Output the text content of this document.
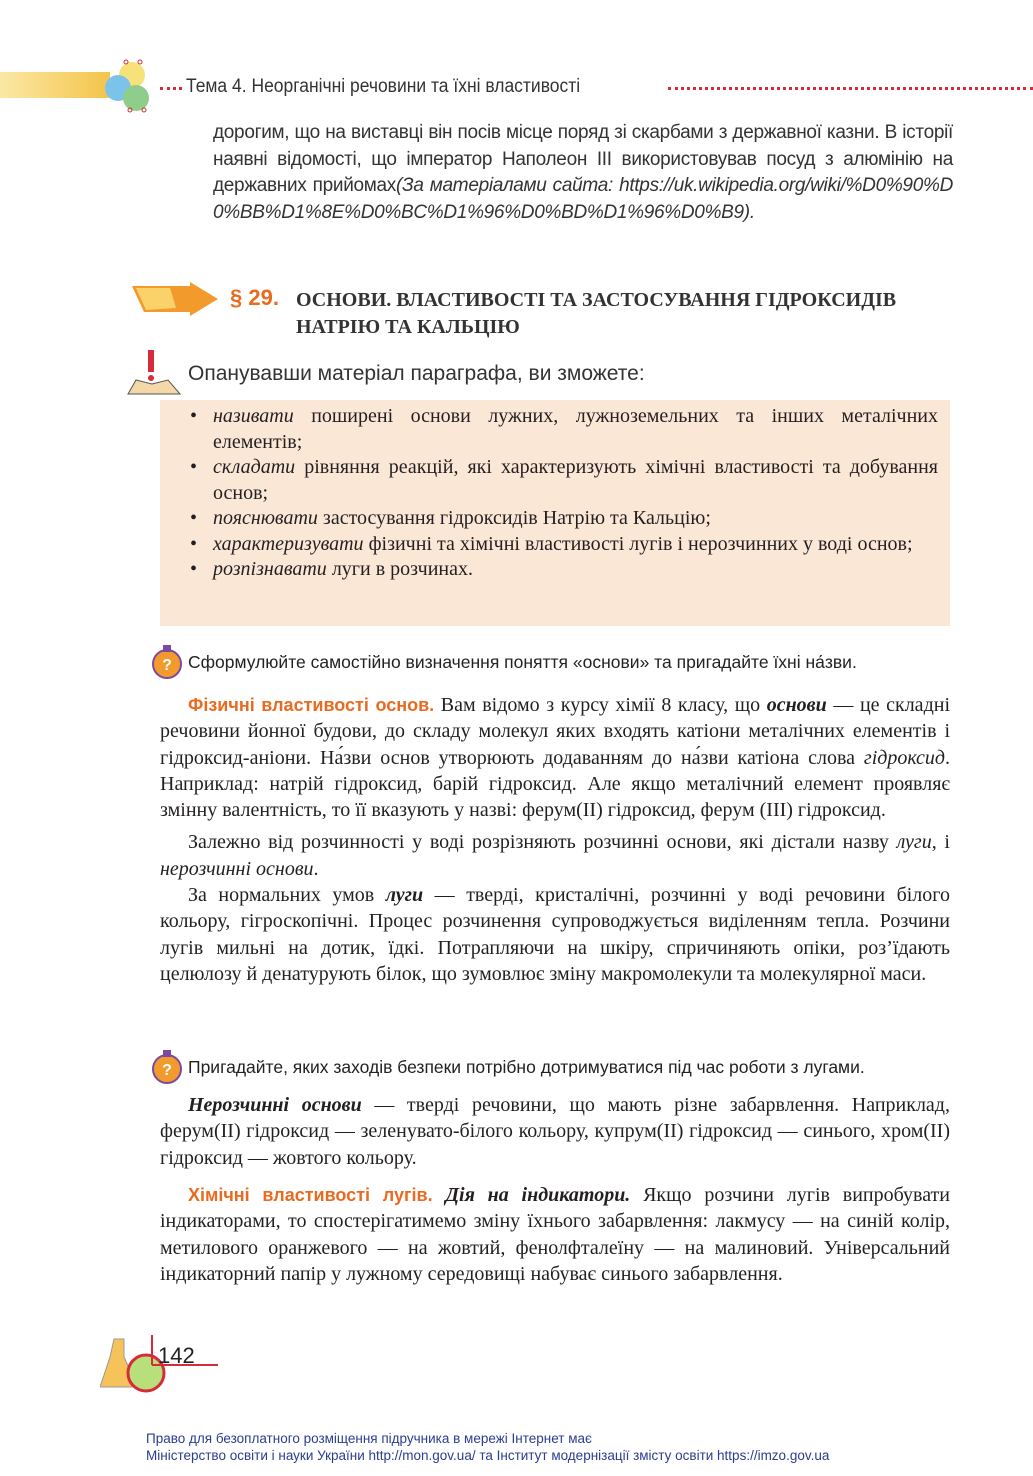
Тема 4. Неорганічні речовини та їхні властивості
дорогим, що на виставці він посів місце поряд зі скарбами з державної казни. В історії наявні відомості, що імператор Наполеон III використовував посуд з алюмінію на державних прийомах(За матеріалами сайта: https://uk.wikipedia.org/wiki/%D0%90%D0%BB%D1%8E%D0%BC%D1%96%D0%BD%D1%96%D0%B9).
§ 29. ОСНОВИ. ВЛАСТИВОСТІ ТА ЗАСТОСУВАННЯ ГІДРОКСИДІВ
НАТРІЮ ТА КАЛЬЦІЮ
Опанувавши матеріал параграфа, ви зможете:
• називати поширені основи лужних, лужноземельних та інших металічних елементів;
• складати рівняння реакцій, які характеризують хімічні властивості та добування основ;
• пояснювати застосування гідроксидів Натрію та Кальцію;
• характеризувати фізичні та хімічні властивості лугів і нерозчинних у воді основ;
• розпізнавати луги в розчинах.
? Сформулюйте самостійно визначення поняття «основи» та пригадайте їхні на́зви.

Фізичні властивості основ. Вам відомо з курсу хімії 8 класу, що основи — це складні речовини йонної будови, до складу молекул яких входять катіони металічних елементів і гідроксид-аніони. На́зви основ утворюють додаванням до на́зви катіона слова гідроксид. Наприклад: натрій гідроксид, барій гідроксид. Але якщо металічний елемент проявляє змінну валентність, то її вказують у назві: ферум(ІІ) гідроксид, ферум (ІІІ) гідроксид.

Залежно від розчинності у воді розрізняють розчинні основи, які дістали назву луги, і нерозчинні основи.

За нормальних умов луги — тверді, кристалічні, розчинні у воді речовини білого кольору, гігроскопічні. Процес розчинення супроводжується виділенням тепла. Розчини лугів мильні на дотик, їдкі. Потрапляючи на шкіру, спричиняють опіки, роз’їдають целюлозу й денатурують білок, що зумовлює зміну макромолекули та молекулярної маси.

? Пригадайте, яких заходів безпеки потрібно дотримуватися під час роботи з лугами.

Нерозчинні основи — тверді речовини, що мають різне забарвлення. Наприклад, ферум(ІІ) гідроксид — зеленувато-білого кольору, купрум(ІІ) гідроксид — синього, хром(ІІ) гідроксид — жовтого кольору.

Хімічні властивості лугів. Дія на індикатори. Якщо розчини лугів випробувати індикаторами, то спостерігатимемо зміну їхнього забарвлення: лакмусу — на синій колір, метилового оранжевого — на жовтий, фенолфталеїну — на малиновий. Універсальний індикаторний папір у лужному середовищі набуває синього забарвлення.

142
Право для безоплатного розміщення підручника в мережі Інтернет має
Міністерство освіти і науки України http://mon.gov.ua/ та Інститут модернізації змісту освіти https://imzo.gov.ua
